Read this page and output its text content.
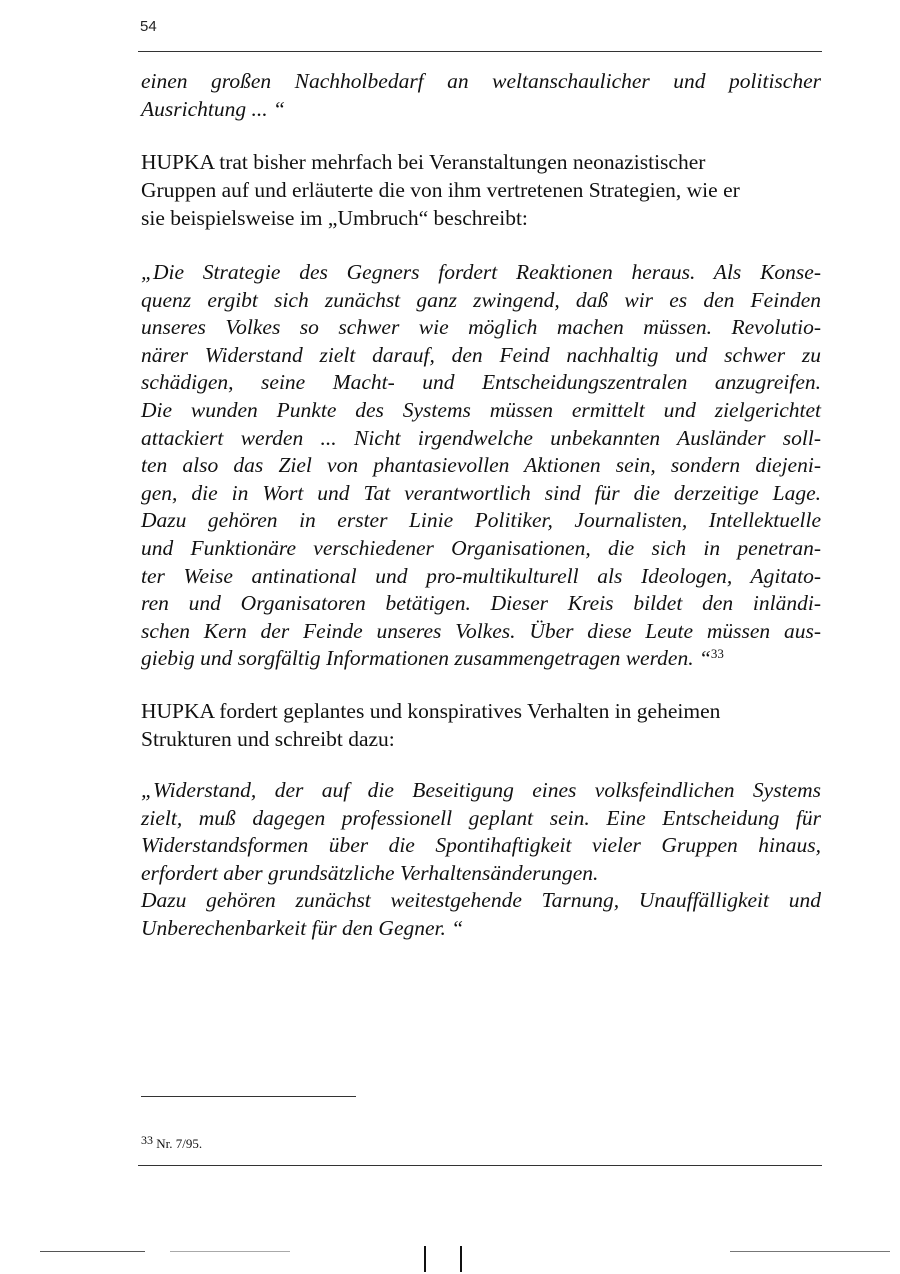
54
einen großen Nachholbedarf an weltanschaulicher und politischer
Ausrichtung ... “
HUPKA trat bisher mehrfach bei Veranstaltungen neonazistischer
Gruppen auf und erläuterte die von ihm vertretenen Strategien, wie er
sie beispielsweise im „Umbruch“ beschreibt:
„Die Strategie des Gegners fordert Reaktionen heraus. Als Konse-
quenz ergibt sich zunächst ganz zwingend, daß wir es den Feinden
unseres Volkes so schwer wie möglich machen müssen. Revolutio-
närer Widerstand zielt darauf, den Feind nachhaltig und schwer zu
schädigen, seine Macht- und Entscheidungszentralen anzugreifen.
Die wunden Punkte des Systems müssen ermittelt und zielgerichtet
attackiert werden ... Nicht irgendwelche unbekannten Ausländer soll-
ten also das Ziel von phantasievollen Aktionen sein, sondern diejeni-
gen, die in Wort und Tat verantwortlich sind für die derzeitige Lage.
Dazu gehören in erster Linie Politiker, Journalisten, Intellektuelle
und Funktionäre verschiedener Organisationen, die sich in penetran-
ter Weise antinational und pro-multikulturell als Ideologen, Agitato-
ren und Organisatoren betätigen. Dieser Kreis bildet den inländi-
schen Kern der Feinde unseres Volkes. Über diese Leute müssen aus-
giebig und sorgfältig Informationen zusammengetragen werden. “$^{33}$
HUPKA fordert geplantes und konspiratives Verhalten in geheimen
Strukturen und schreibt dazu:
„Widerstand, der auf die Beseitigung eines volksfeindlichen Systems
zielt, muß dagegen professionell geplant sein. Eine Entscheidung für
Widerstandsformen über die Spontihaftigkeit vieler Gruppen hinaus,
erfordert aber grundsätzliche Verhaltensänderungen.
Dazu gehören zunächst weitestgehende Tarnung, Unauffälligkeit und
Unberechenbarkeit für den Gegner. “
$^{33}$ Nr. 7/95.
